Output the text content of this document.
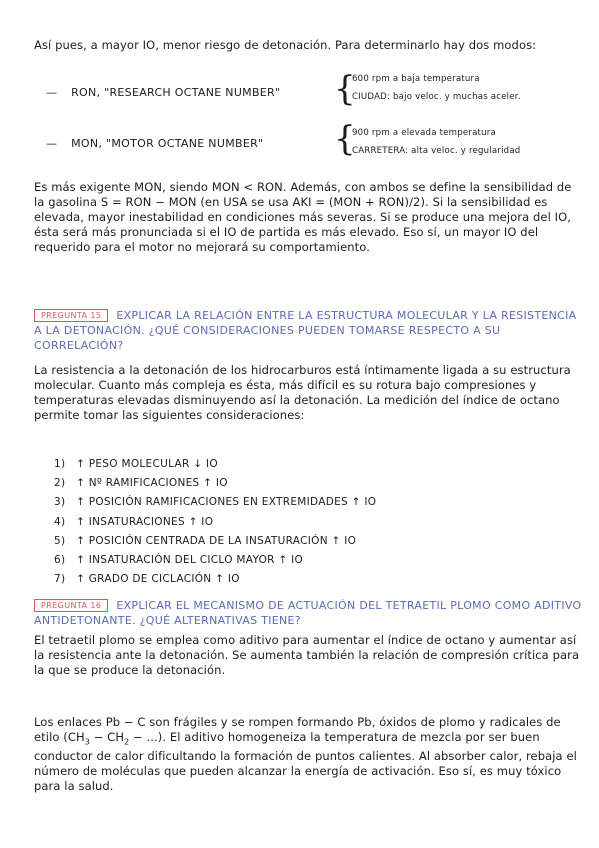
Así pues, a mayor IO, menor riesgo de detonación. Para determinarlo hay dos modos:

— RON, "RESEARCH OCTANE NUMBER" {
600 rpm a baja temperatura
CIUDAD: bajo veloc. y muchas aceler.
— MON, "MOTOR OCTANE NUMBER" {
900 rpm a elevada temperatura
CARRETERA: alta veloc. y regularidad

Es más exigente MON, siendo MON < RON. Además, con ambos se define la sensibilidad de la gasolina S = RON − MON (en USA se usa AKI = (MON + RON)/2). Si la sensibilidad es elevada, mayor inestabilidad en condiciones más severas. Si se produce una mejora del IO, ésta será más pronunciada si el IO de partida es más elevado. Eso sí, un mayor IO del requerido para el motor no mejorará su comportamiento.

PREGUNTA 15 EXPLICAR LA RELACIÓN ENTRE LA ESTRUCTURA MOLECULAR Y LA RESISTENCIA A LA DETONACIÓN. ¿QUÉ CONSIDERACIONES PUEDEN TOMARSE RESPECTO A SU CORRELACIÓN?

La resistencia a la detonación de los hidrocarburos está íntimamente ligada a su estructura molecular. Cuanto más compleja es ésta, más difícil es su rotura bajo compresiones y temperaturas elevadas disminuyendo así la detonación. La medición del índice de octano permite tomar las siguientes consideraciones:

1) ↑ PESO MOLECULAR ↓ IO
2) ↑ Nº RAMIFICACIONES ↑ IO
3) ↑ POSICIÓN RAMIFICACIONES EN EXTREMIDADES ↑ IO
4) ↑ INSATURACIONES ↑ IO
5) ↑ POSICIÓN CENTRADA DE LA INSATURACIÓN ↑ IO
6) ↑ INSATURACIÓN DEL CICLO MAYOR ↑ IO
7) ↑ GRADO DE CICLACIÓN ↑ IO
PREGUNTA 16 EXPLICAR EL MECANISMO DE ACTUACIÓN DEL TETRAETIL PLOMO COMO ADITIVO ANTIDETONANTE. ¿QUÉ ALTERNATIVAS TIENE?

El tetraetil plomo se emplea como aditivo para aumentar el índice de octano y aumentar así la resistencia ante la detonación. Se aumenta también la relación de compresión crítica para la que se produce la detonación.

Los enlaces Pb − C son frágiles y se rompen formando Pb, óxidos de plomo y radicales de etilo ($CH_3 - CH_2$ − ...). El aditivo homogeneiza la temperatura de mezcla por ser buen conductor de calor dificultando la formación de puntos calientes. Al absorber calor, rebaja el número de moléculas que pueden alcanzar la energía de activación. Eso sí, es muy tóxico para la salud.
